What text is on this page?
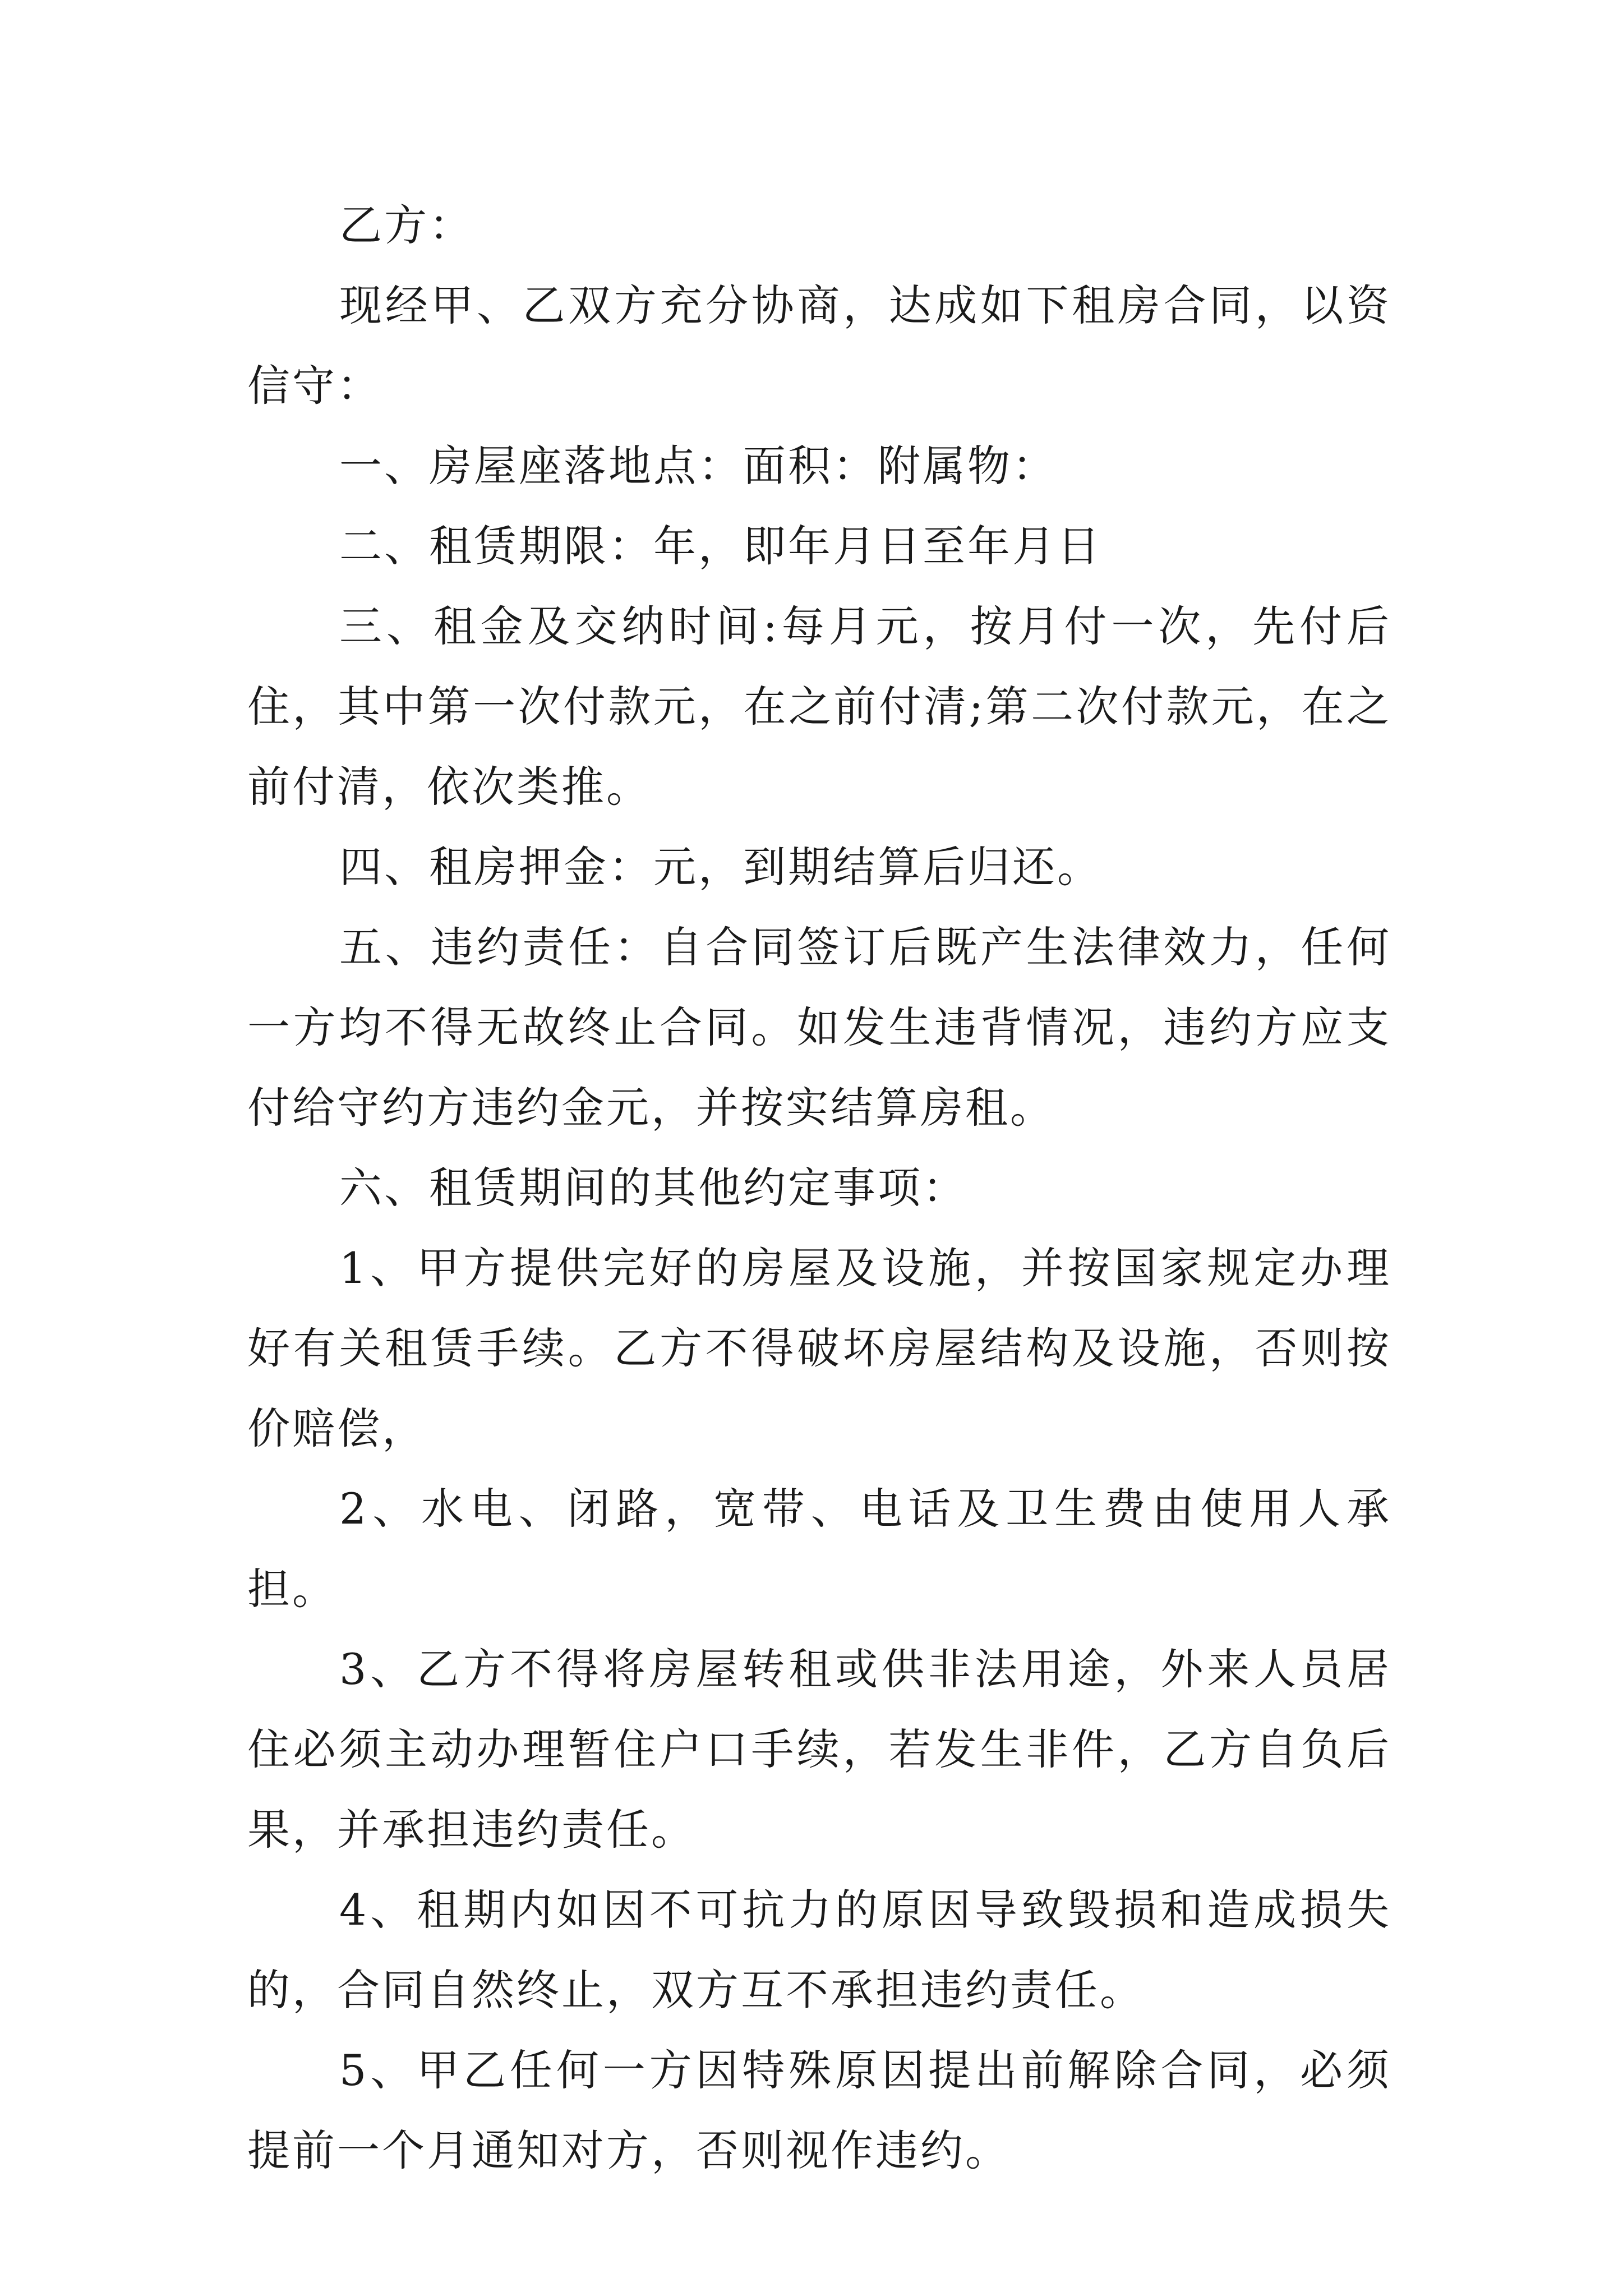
乙方：

现经甲、乙双方充分协商，达成如下租房合同，以资信守：

一、房屋座落地点：面积：附属物：

二、租赁期限：年，即年月日至年月日

三、租金及交纳时间:每月元，按月付一次，先付后住，其中第一次付款元，在之前付清;第二次付款元，在之前付清，依次类推。

四、租房押金：元，到期结算后归还。

五、违约责任：自合同签订后既产生法律效力，任何一方均不得无故终止合同。如发生违背情况，违约方应支付给守约方违约金元，并按实结算房租。

六、租赁期间的其他约定事项：

1、甲方提供完好的房屋及设施，并按国家规定办理好有关租赁手续。乙方不得破坏房屋结构及设施，否则按价赔偿，

2、水电、闭路，宽带、电话及卫生费由使用人承担。

3、乙方不得将房屋转租或供非法用途，外来人员居住必须主动办理暂住户口手续，若发生非件，乙方自负后果，并承担违约责任。

4、租期内如因不可抗力的原因导致毁损和造成损失的，合同自然终止，双方互不承担违约责任。

5、甲乙任何一方因特殊原因提出前解除合同，必须提前一个月通知对方，否则视作违约。
